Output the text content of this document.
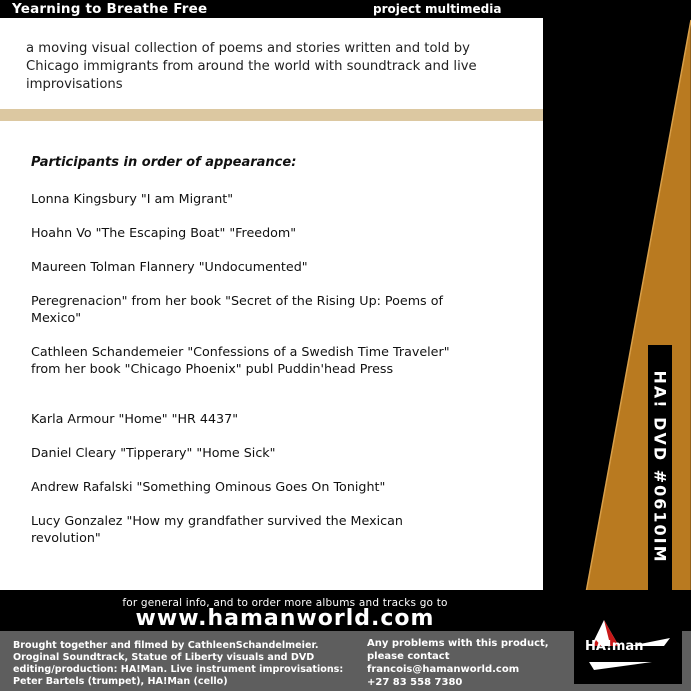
Yearning to Breathe Free	project multimedia
a moving visual collection of poems and stories written and told by Chicago immigrants from around the world with soundtrack and live improvisations
Participants in order of appearance:
Lonna Kingsbury "I am Migrant"
Hoahn Vo "The Escaping Boat" "Freedom"
Maureen Tolman Flannery "Undocumented"
Peregrenacion" from her book "Secret of the Rising Up: Poems of Mexico"
Cathleen Schandemeier "Confessions of a Swedish Time Traveler" from her book "Chicago Phoenix" publ Puddin'head Press
Karla Armour "Home" "HR 4437"
Daniel Cleary "Tipperary" "Home Sick"
Andrew Rafalski "Something Ominous Goes On Tonight"
Lucy Gonzalez "How my grandfather survived the Mexican revolution"	HA! DVD #0610IM
for general info, and to order more albums and tracks go to
www.hamanworld.com
Brought together and filmed by CathleenSchandelmeier. Oroginal Soundtrack, Statue of Liberty visuals and DVD editing/production: HA!Man. Live instrument improvisations: Peter Bartels (trumpet), HA!Man (cello)
Any problems with this product, please contact
francois@hamanworld.com
+27 83 558 7380
HA!man
